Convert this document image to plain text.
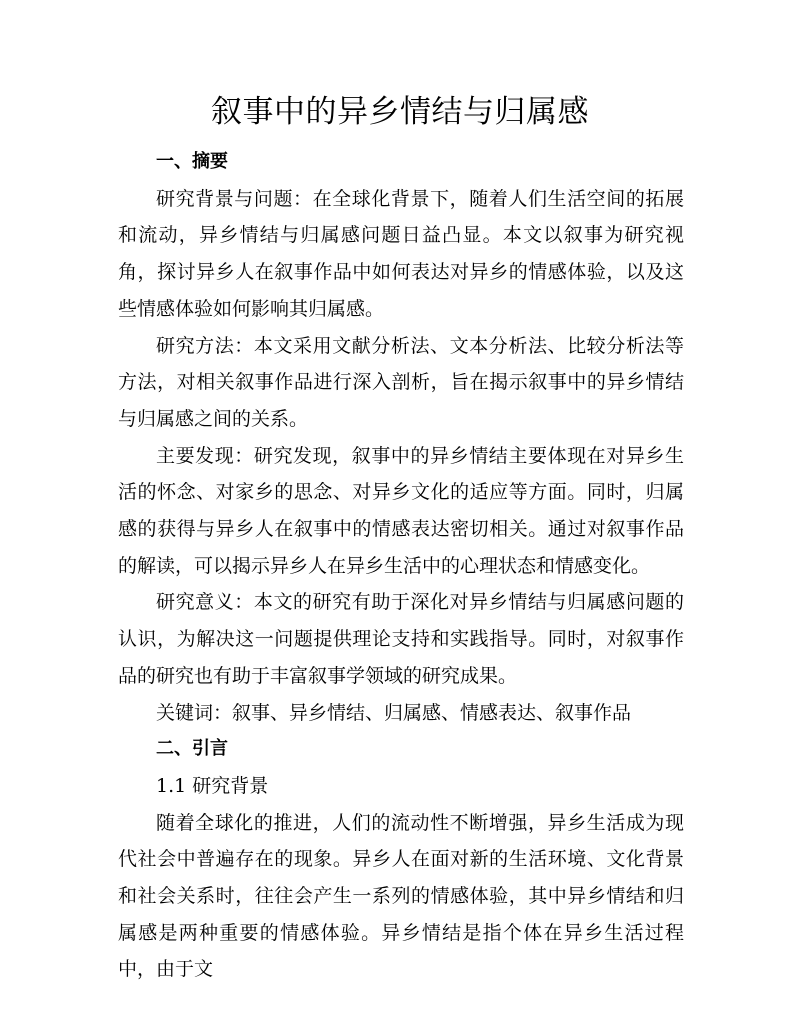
叙事中的异乡情结与归属感

一、摘要

研究背景与问题：在全球化背景下，随着人们生活空间的拓展和流动，异乡情结与归属感问题日益凸显。本文以叙事为研究视角，探讨异乡人在叙事作品中如何表达对异乡的情感体验，以及这些情感体验如何影响其归属感。

研究方法：本文采用文献分析法、文本分析法、比较分析法等方法，对相关叙事作品进行深入剖析，旨在揭示叙事中的异乡情结与归属感之间的关系。

主要发现：研究发现，叙事中的异乡情结主要体现在对异乡生活的怀念、对家乡的思念、对异乡文化的适应等方面。同时，归属感的获得与异乡人在叙事中的情感表达密切相关。通过对叙事作品的解读，可以揭示异乡人在异乡生活中的心理状态和情感变化。

研究意义：本文的研究有助于深化对异乡情结与归属感问题的认识，为解决这一问题提供理论支持和实践指导。同时，对叙事作品的研究也有助于丰富叙事学领域的研究成果。

关键词：叙事、异乡情结、归属感、情感表达、叙事作品

二、引言

1.1 研究背景

随着全球化的推进，人们的流动性不断增强，异乡生活成为现代社会中普遍存在的现象。异乡人在面对新的生活环境、文化背景和社会关系时，往往会产生一系列的情感体验，其中异乡情结和归属感是两种重要的情感体验。异乡情结是指个体在异乡生活过程中，由于文
